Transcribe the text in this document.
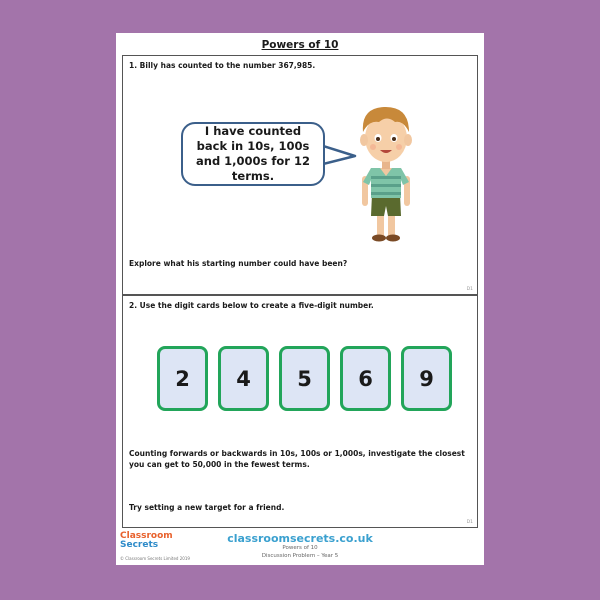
Powers of 10
1. Billy has counted to the number 367,985.
I have counted back in 10s, 100s and 1,000s for 12 terms.
Explore what his starting number could have been?
D1
2. Use the digit cards below to create a five-digit number.
2	4	5	6	9
Counting forwards or backwards in 10s, 100s or 1,000s, investigate the closest you can get to 50,000 in the fewest terms.
Try setting a new target for a friend.
D1
Classroom
Secrets
© Classroom Secrets Limited 2019
classroomsecrets.co.uk
Powers of 10
Discussion Problem – Year 5
